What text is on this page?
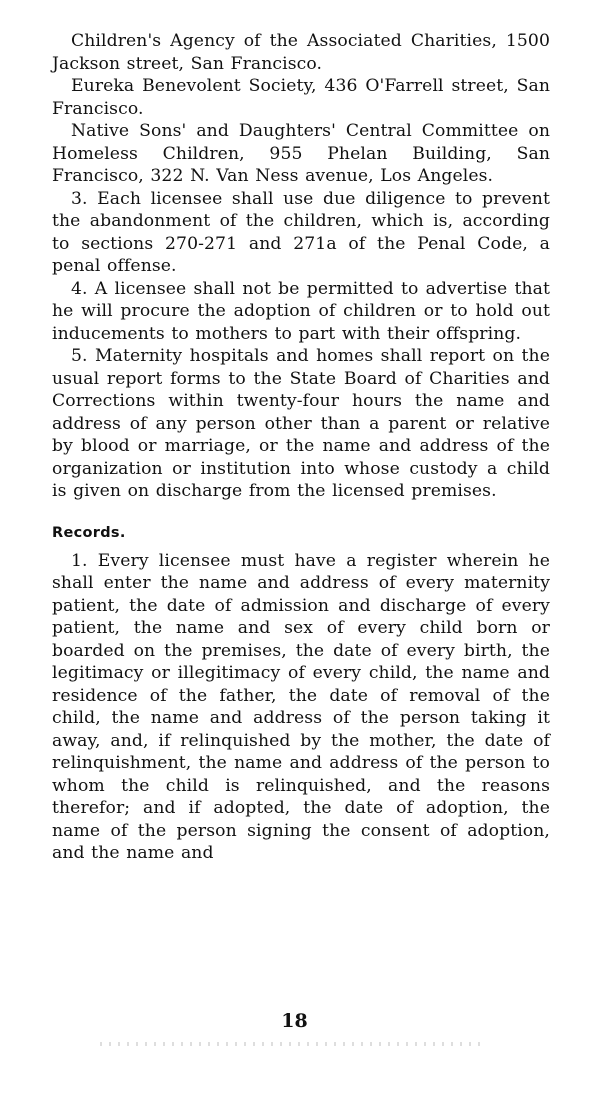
Children's Agency of the Associated Charities, 1500 Jackson street, San Francisco.

Eureka Benevolent Society, 436 O'Farrell street, San Francisco.

Native Sons' and Daughters' Central Committee on Homeless Children, 955 Phelan Building, San Francisco, 322 N. Van Ness avenue, Los Angeles.

3. Each licensee shall use due diligence to prevent the abandonment of the children, which is, according to sections 270-271 and 271a of the Penal Code, a penal offense.

4. A licensee shall not be permitted to advertise that he will procure the adoption of children or to hold out inducements to mothers to part with their offspring.

5. Maternity hospitals and homes shall report on the usual report forms to the State Board of Charities and Corrections within twenty-four hours the name and address of any person other than a parent or relative by blood or marriage, or the name and address of the organization or institution into whose custody a child is given on discharge from the licensed premises.

Records.

1. Every licensee must have a register wherein he shall enter the name and address of every maternity patient, the date of admission and discharge of every patient, the name and sex of every child born or boarded on the premises, the date of every birth, the legitimacy or illegitimacy of every child, the name and residence of the father, the date of removal of the child, the name and address of the person taking it away, and, if relinquished by the mother, the date of relinquishment, the name and address of the person to whom the child is relinquished, and the reasons therefor; and if adopted, the date of adoption, the name of the person signing the consent of adoption, and the name and

18
